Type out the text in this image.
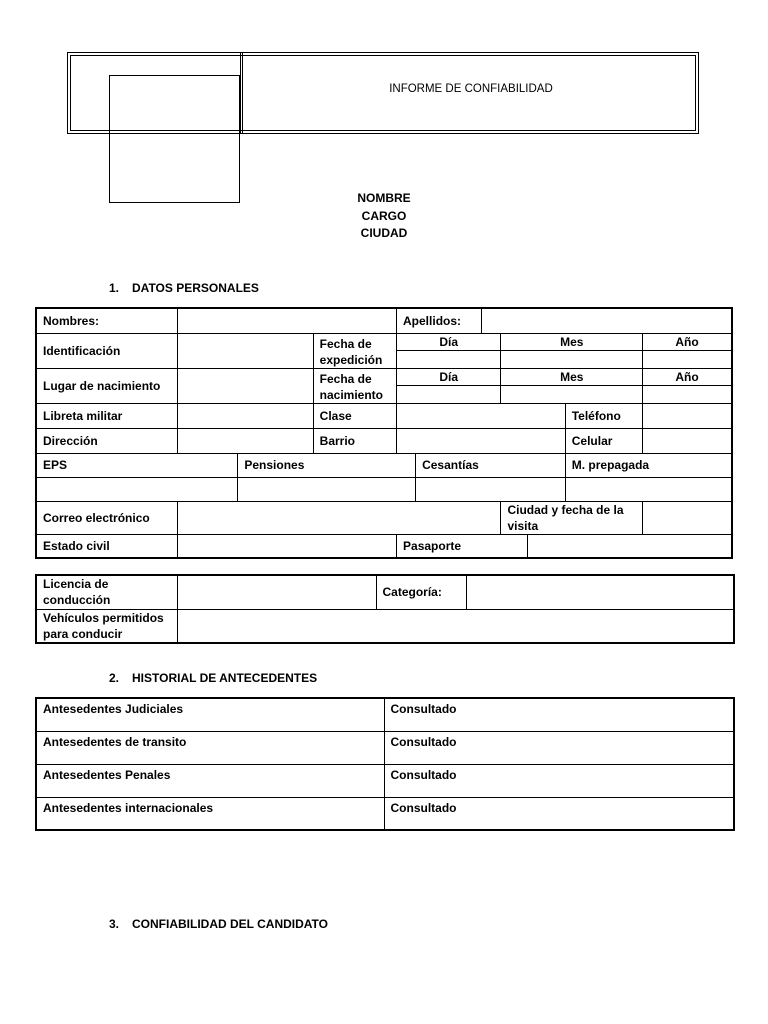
INFORME DE CONFIABILIDAD
NOMBRE
CARGO
CIUDAD
1. DATOS PERSONALES
Nombres:				Apellidos:						
Identificación			Fecha de expedición	Día			Mes			Año

Lugar de nacimiento			Fecha de nacimiento	Día			Mes			Año

Libreta militar			Clase						Teléfono	
Dirección			Barrio						Celular	
EPS		Pensiones			Cesantías				M. prepagada	

Correo electrónico							Ciudad y fecha de la visita			
Estado civil				Pasaporte						
Licencia de conducción		Categoría:	
Vehículos permitidos para conducir			
2. HISTORIAL DE ANTECEDENTES
Antesedentes Judiciales	Consultado
Antesedentes de transito	Consultado
Antesedentes Penales	Consultado
Antesedentes internacionales	Consultado
3. CONFIABILIDAD DEL CANDIDATO
